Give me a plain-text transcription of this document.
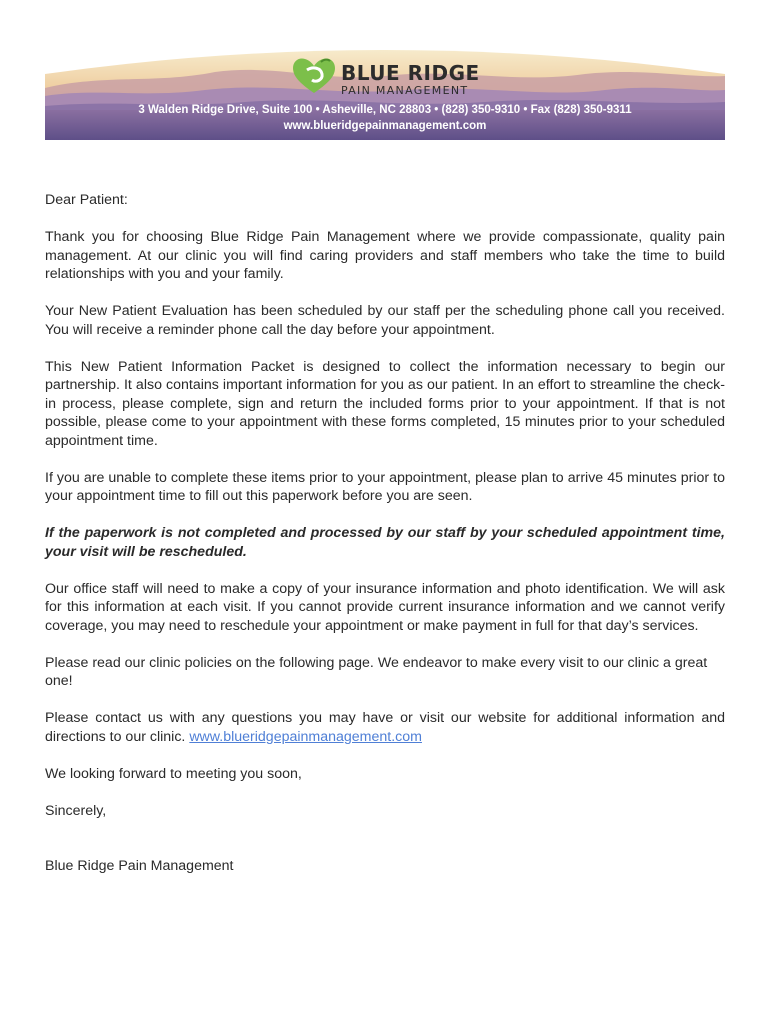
BLUE RIDGE
PAIN MANAGEMENT
3 Walden Ridge Drive, Suite 100 • Asheville, NC 28803 • (828) 350-9310 • Fax (828) 350-9311
www.blueridgepainmanagement.com

Dear Patient:

Thank you for choosing Blue Ridge Pain Management where we provide compassionate, quality pain management. At our clinic you will find caring providers and staff members who take the time to build relationships with you and your family.

Your New Patient Evaluation has been scheduled by our staff per the scheduling phone call you received. You will receive a reminder phone call the day before your appointment.

This New Patient Information Packet is designed to collect the information necessary to begin our partnership. It also contains important information for you as our patient. In an effort to streamline the check-in process, please complete, sign and return the included forms prior to your appointment. If that is not possible, please come to your appointment with these forms completed, 15 minutes prior to your scheduled appointment time.

If you are unable to complete these items prior to your appointment, please plan to arrive 45 minutes prior to your appointment time to fill out this paperwork before you are seen.

If the paperwork is not completed and processed by our staff by your scheduled appointment time, your visit will be rescheduled.

Our office staff will need to make a copy of your insurance information and photo identification. We will ask for this information at each visit. If you cannot provide current insurance information and we cannot verify coverage, you may need to reschedule your appointment or make payment in full for that day’s services.

Please read our clinic policies on the following page. We endeavor to make every visit to our clinic a great one!

Please contact us with any questions you may have or visit our website for additional information and directions to our clinic. www.blueridgepainmanagement.com

We looking forward to meeting you soon,

Sincerely,

Blue Ridge Pain Management
